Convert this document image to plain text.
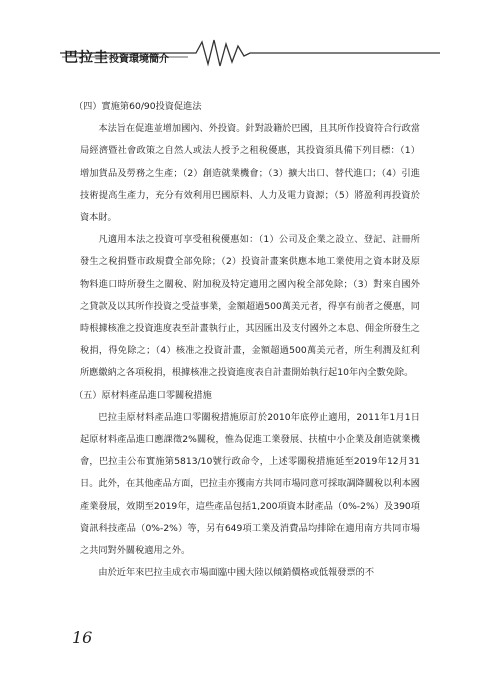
巴拉圭投資環境簡介

（四）實施第60/90投資促進法

本法旨在促進並增加國內、外投資。針對設籍於巴國，且其所作投資符合行政當局經濟暨社會政策之自然人或法人授予之租稅優惠，其投資須具備下列目標：（1）增加貨品及勞務之生產；（2）創造就業機會；（3）擴大出口、替代進口；（4）引進技術提高生產力，充分有效利用巴國原料、人力及電力資源；（5）將盈利再投資於資本財。

凡適用本法之投資可享受租稅優惠如：（1）公司及企業之設立、登記、註冊所發生之稅捐暨市政規費全部免除；（2）投資計畫案供應本地工業使用之資本財及原物料進口時所發生之關稅、附加稅及特定適用之國內稅全部免除；（3）對來自國外之貸款及以其所作投資之受益事業，金額超過500萬美元者，得享有前者之優惠，同時根據核准之投資進度表至計畫執行止，其因匯出及支付國外之本息、佣金所發生之稅捐，得免除之；（4）核准之投資計畫，金額超過500萬美元者，所生利潤及紅利所應繳納之各項稅捐，根據核准之投資進度表自計畫開始執行起10年內全數免除。

（五）原材料產品進口零關稅措施

巴拉圭原材料產品進口零關稅措施原訂於2010年底停止適用，2011年1月1日起原材料產品進口應課徵2%關稅，惟為促進工業發展、扶植中小企業及創造就業機會，巴拉圭公布實施第5813/10號行政命令，上述零關稅措施延至2019年12月31日。此外，在其他產品方面，巴拉圭亦獲南方共同市場同意可採取調降關稅以利本國產業發展，效期至2019年，這些產品包括1,200項資本財產品（0%-2%）及390項資訊科技產品（0%-2%）等，另有649項工業及消費品均排除在適用南方共同市場之共同對外關稅適用之外。

由於近年來巴拉圭成衣市場面臨中國大陸以傾銷價格或低報發票的不

16
